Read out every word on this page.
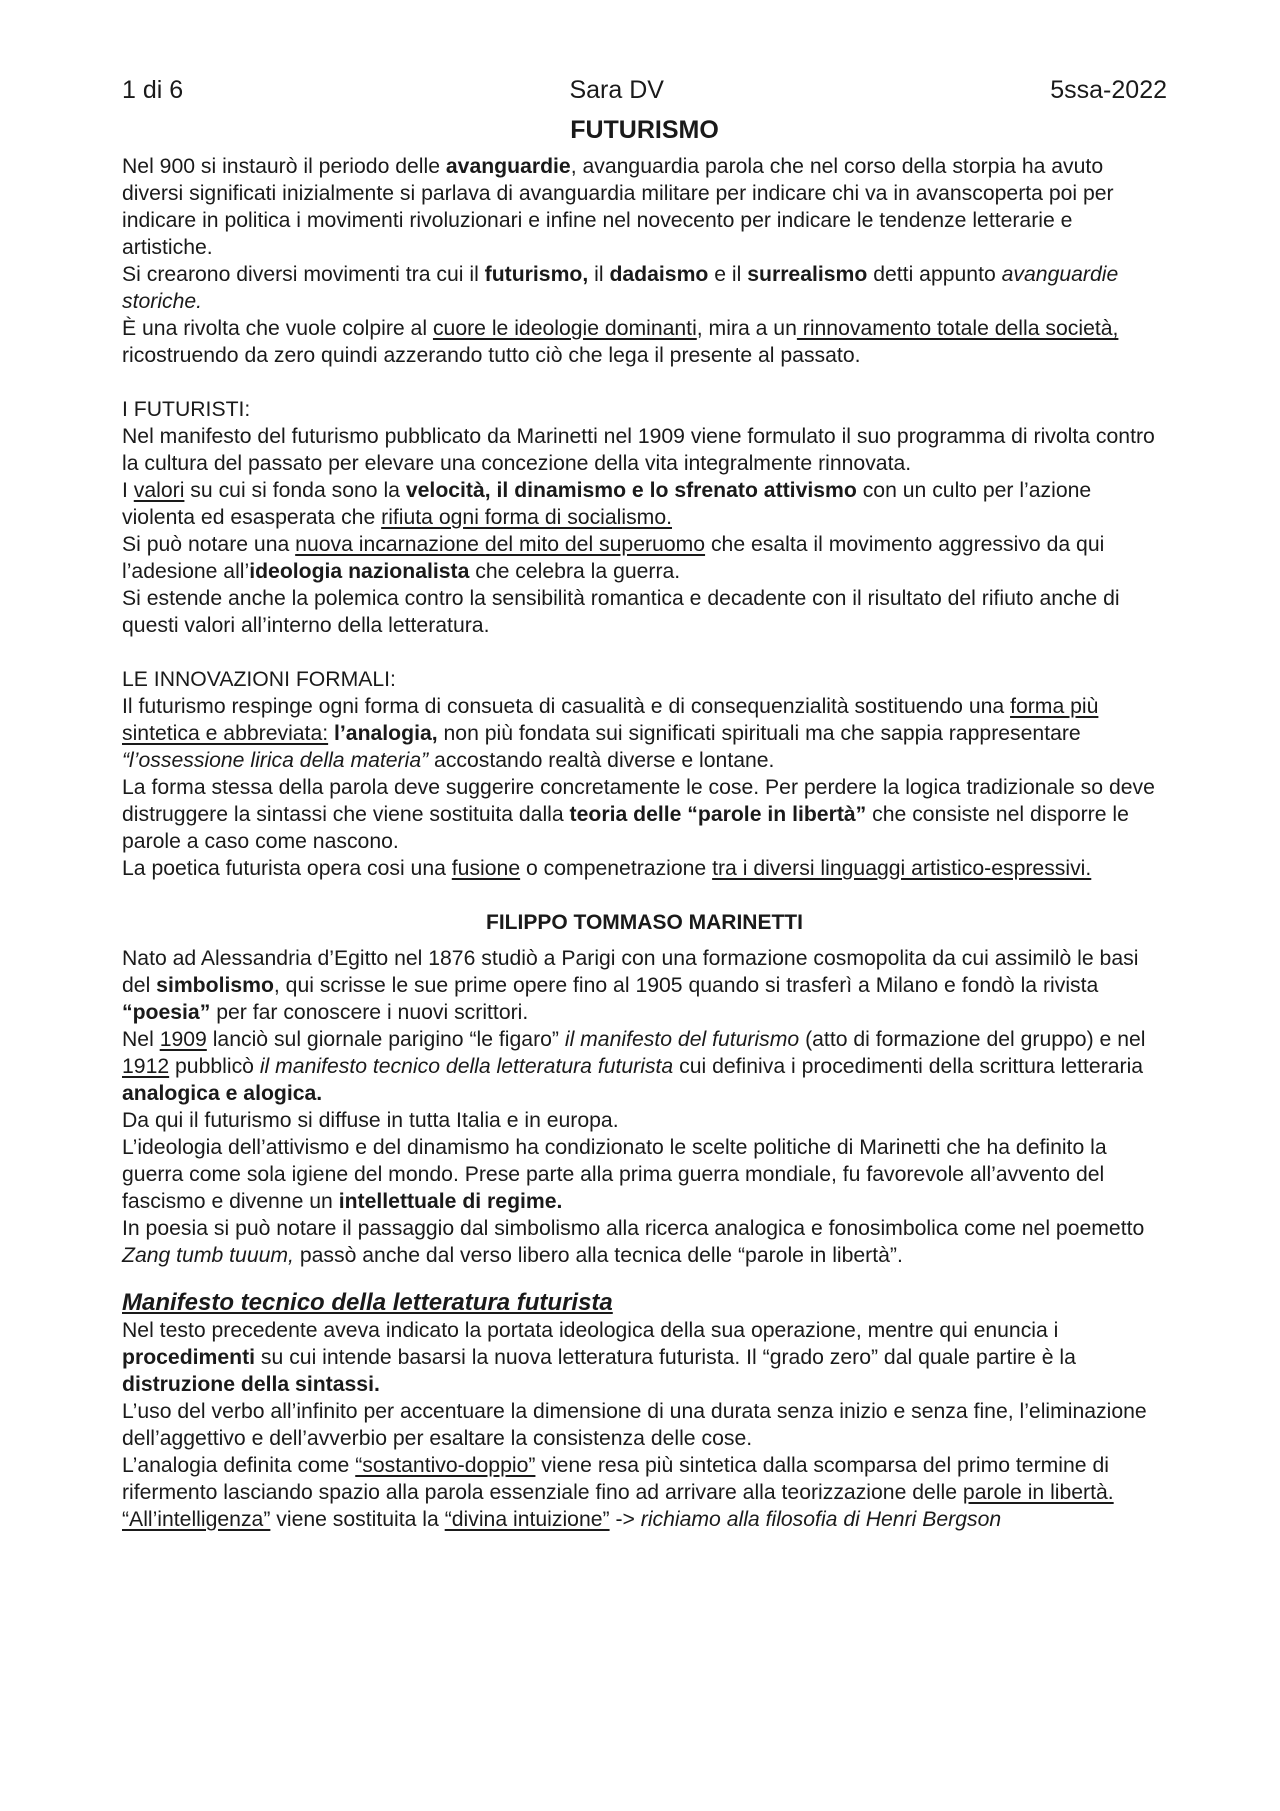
1 di 6	Sara DV	5ssa-2022
FUTURISMO

Nel 900 si instaurò il periodo delle avanguardie, avanguardia parola che nel corso della storpia ha avuto diversi significati inizialmente si parlava di avanguardia militare per indicare chi va in avanscoperta poi per indicare in politica i movimenti rivoluzionari e infine nel novecento per indicare le tendenze letterarie e artistiche.

Si crearono diversi movimenti tra cui il futurismo, il dadaismo e il surrealismo detti appunto avanguardie storiche.

È una rivolta che vuole colpire al cuore le ideologie dominanti, mira a un rinnovamento totale della società, ricostruendo da zero quindi azzerando tutto ciò che lega il presente al passato.

I FUTURISTI:

Nel manifesto del futurismo pubblicato da Marinetti nel 1909 viene formulato il suo programma di rivolta contro la cultura del passato per elevare una concezione della vita integralmente rinnovata.

I valori su cui si fonda sono la velocità, il dinamismo e lo sfrenato attivismo con un culto per l’azione violenta ed esasperata che rifiuta ogni forma di socialismo.

Si può notare una nuova incarnazione del mito del superuomo che esalta il movimento aggressivo da qui l’adesione all’ideologia nazionalista che celebra la guerra.

Si estende anche la polemica contro la sensibilità romantica e decadente con il risultato del rifiuto anche di questi valori all’interno della letteratura.

LE INNOVAZIONI FORMALI:

Il futurismo respinge ogni forma di consueta di casualità e di consequenzialità sostituendo una forma più sintetica e abbreviata: l’analogia, non più fondata sui significati spirituali ma che sappia rappresentare “l’ossessione lirica della materia” accostando realtà diverse e lontane.

La forma stessa della parola deve suggerire concretamente le cose. Per perdere la logica tradizionale so deve distruggere la sintassi che viene sostituita dalla teoria delle “parole in libertà” che consiste nel disporre le parole a caso come nascono.

La poetica futurista opera cosi una fusione o compenetrazione tra i diversi linguaggi artistico-espressivi.

FILIPPO TOMMASO MARINETTI

Nato ad Alessandria d’Egitto nel 1876 studiò a Parigi con una formazione cosmopolita da cui assimilò le basi del simbolismo, qui scrisse le sue prime opere fino al 1905 quando si trasferì a Milano e fondò la rivista “poesia” per far conoscere i nuovi scrittori.

Nel 1909 lanciò sul giornale parigino “le figaro” il manifesto del futurismo (atto di formazione del gruppo) e nel 1912 pubblicò il manifesto tecnico della letteratura futurista cui definiva i procedimenti della scrittura letteraria analogica e alogica.

Da qui il futurismo si diffuse in tutta Italia e in europa.

L’ideologia dell’attivismo e del dinamismo ha condizionato le scelte politiche di Marinetti che ha definito la guerra come sola igiene del mondo. Prese parte alla prima guerra mondiale, fu favorevole all’avvento del fascismo e divenne un intellettuale di regime.

In poesia si può notare il passaggio dal simbolismo alla ricerca analogica e fonosimbolica come nel poemetto Zang tumb tuuum, passò anche dal verso libero alla tecnica delle “parole in libertà”.

Manifesto tecnico della letteratura futurista

Nel testo precedente aveva indicato la portata ideologica della sua operazione, mentre qui enuncia i procedimenti su cui intende basarsi la nuova letteratura futurista. Il “grado zero” dal quale partire è la distruzione della sintassi.

L’uso del verbo all’infinito per accentuare la dimensione di una durata senza inizio e senza fine, l’eliminazione dell’aggettivo e dell’avverbio per esaltare la consistenza delle cose.

L’analogia definita come “sostantivo-doppio” viene resa più sintetica dalla scomparsa del primo termine di rifermento lasciando spazio alla parola essenziale fino ad arrivare alla teorizzazione delle parole in libertà.

“All’intelligenza” viene sostituita la “divina intuizione” -> richiamo alla filosofia di Henri Bergson
